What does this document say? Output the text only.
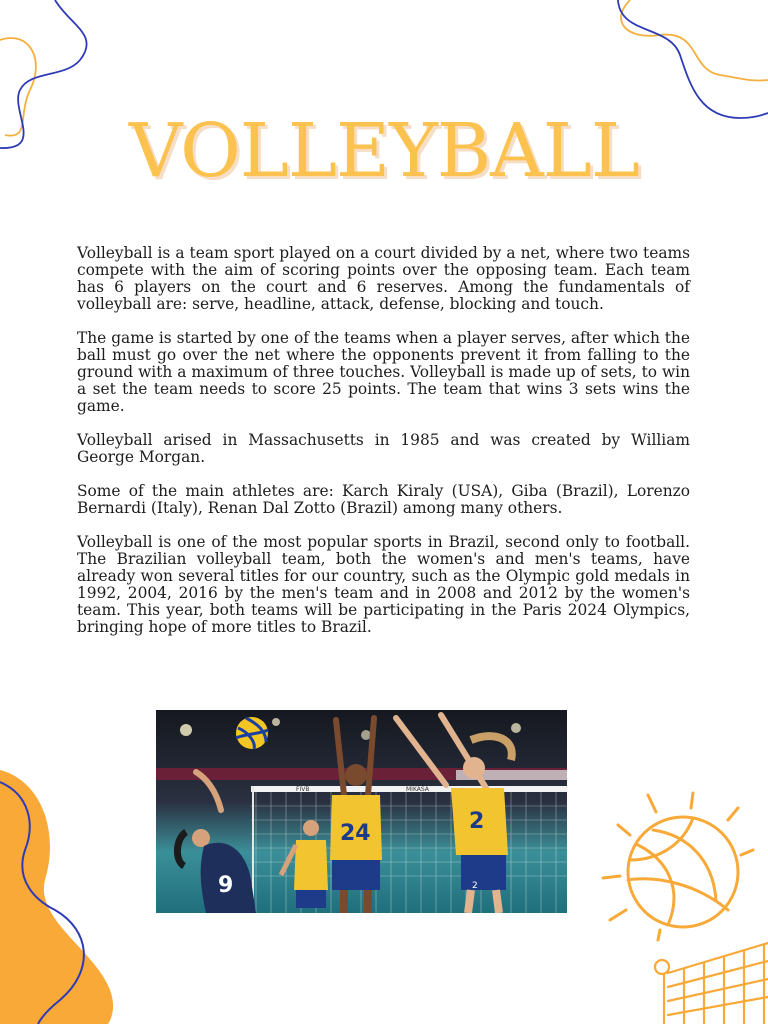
VOLLEYBALL

Volleyball is a team sport played on a court divided by a net, where two teams compete with the aim of scoring points over the opposing team. Each team has 6 players on the court and 6 reserves. Among the fundamentals of volleyball are: serve, headline, attack, defense, blocking and touch.

The game is started by one of the teams when a player serves, after which the ball must go over the net where the opponents prevent it from falling to the ground with a maximum of three touches. Volleyball is made up of sets, to win a set the team needs to score 25 points. The team that wins 3 sets wins the game.

Volleyball arised in Massachusetts in 1985 and was created by William George Morgan.

Some of the main athletes are: Karch Kiraly (USA), Giba (Brazil), Lorenzo Bernardi (Italy), Renan Dal Zotto (Brazil) among many others.

Volleyball is one of the most popular sports in Brazil, second only to football. The Brazilian volleyball team, both the women's and men's teams, have already won several titles for our country, such as the Olympic gold medals in 1992, 2004, 2016 by the men's team and in 2008 and 2012 by the women's team. This year, both teams will be participating in the Paris 2024 Olympics, bringing hope of more titles to Brazil.

FIVB	MIKASA
9
24	2
2
